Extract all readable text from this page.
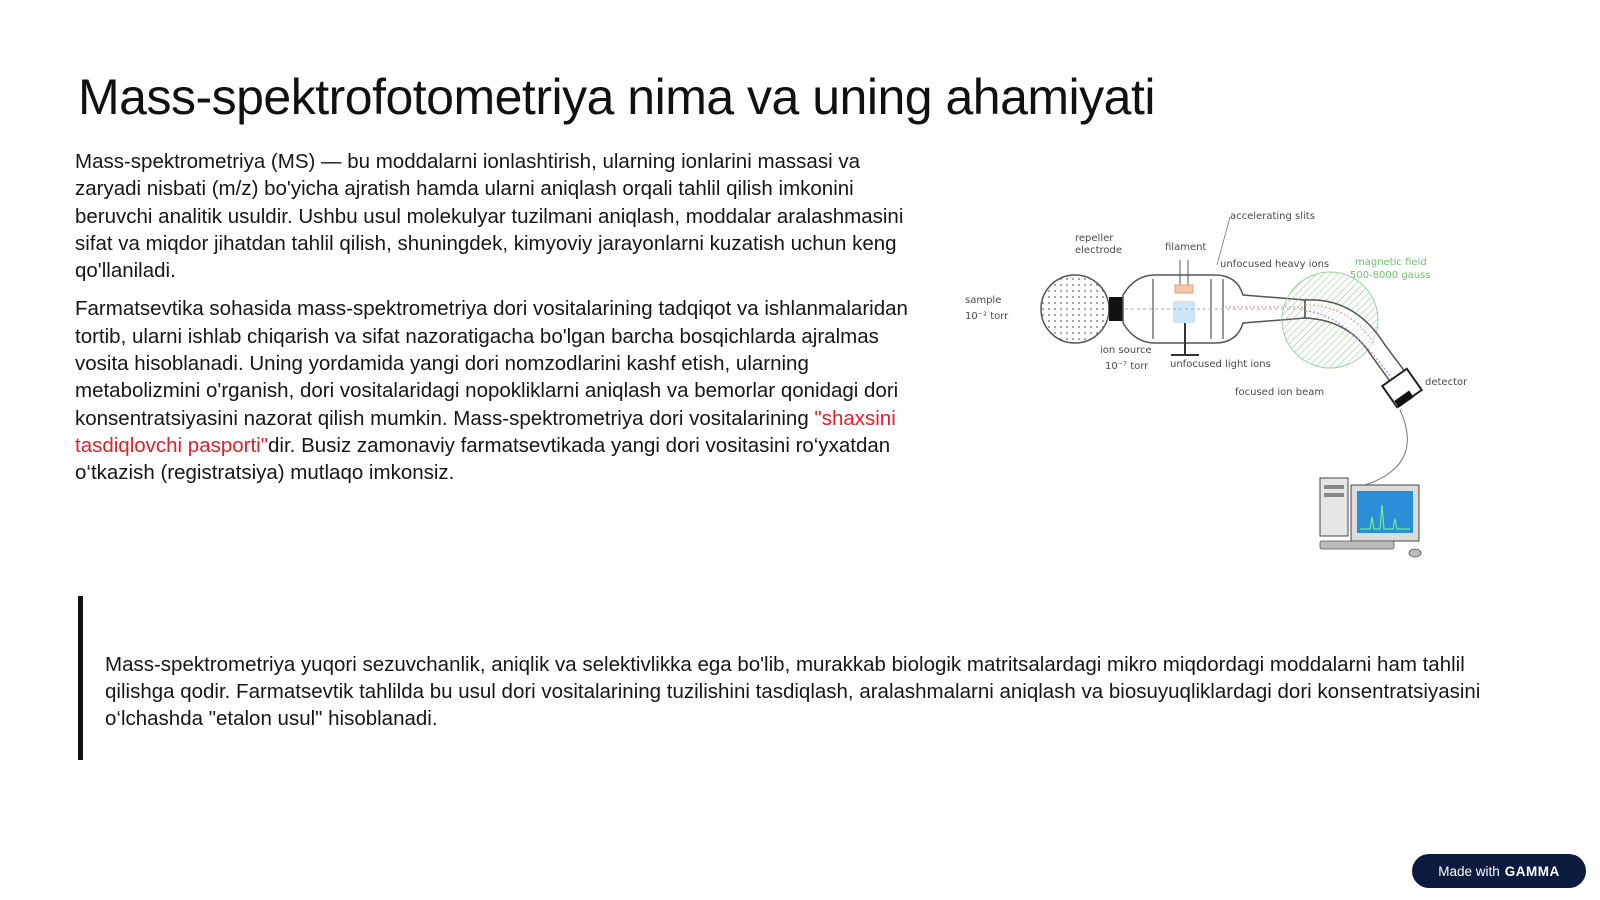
Mass-spektrofotometriya nima va uning ahamiyati

Mass-spektrometriya (MS) — bu moddalarni ionlashtirish, ularning ionlarini massasi va zaryadi nisbati (m/z) bo'yicha ajratish hamda ularni aniqlash orqali tahlil qilish imkonini beruvchi analitik usuldir. Ushbu usul molekulyar tuzilmani aniqlash, moddalar aralashmasini sifat va miqdor jihatdan tahlil qilish, shuningdek, kimyoviy jarayonlarni kuzatish uchun keng qo'llaniladi.

Farmatsevtika sohasida mass-spektrometriya dori vositalarining tadqiqot va ishlanmalaridan tortib, ularni ishlab chiqarish va sifat nazoratigacha bo'lgan barcha bosqichlarda ajralmas vosita hisoblanadi. Uning yordamida yangi dori nomzodlarini kashf etish, ularning metabolizmini o'rganish, dori vositalaridagi nopokliklarni aniqlash va bemorlar qonidagi dori konsentratsiyasini nazorat qilish mumkin. Mass-spektrometriya dori vositalarining "shaxsini tasdiqlovchi pasporti"dir. Busiz zamonaviy farmatsevtikada yangi dori vositasini ro‘yxatdan o‘tkazish (registratsiya) mutlaqo imkonsiz.

accelerating slits
repeller
electrode	filament
unfocused heavy ions	magnetic field
500-8000 gauss
sample
10⁻² torr
ion source
10⁻⁷ torr unfocused light ions
detector
focused ion beam

Mass-spektrometriya yuqori sezuvchanlik, aniqlik va selektivlikka ega bo'lib, murakkab biologik matritsalardagi mikro miqdordagi moddalarni ham tahlil qilishga qodir. Farmatsevtik tahlilda bu usul dori vositalarining tuzilishini tasdiqlash, aralashmalarni aniqlash va biosuyuqliklardagi dori konsentratsiyasini o‘lchashda "etalon usul" hisoblanadi.

Made with GAMMA
